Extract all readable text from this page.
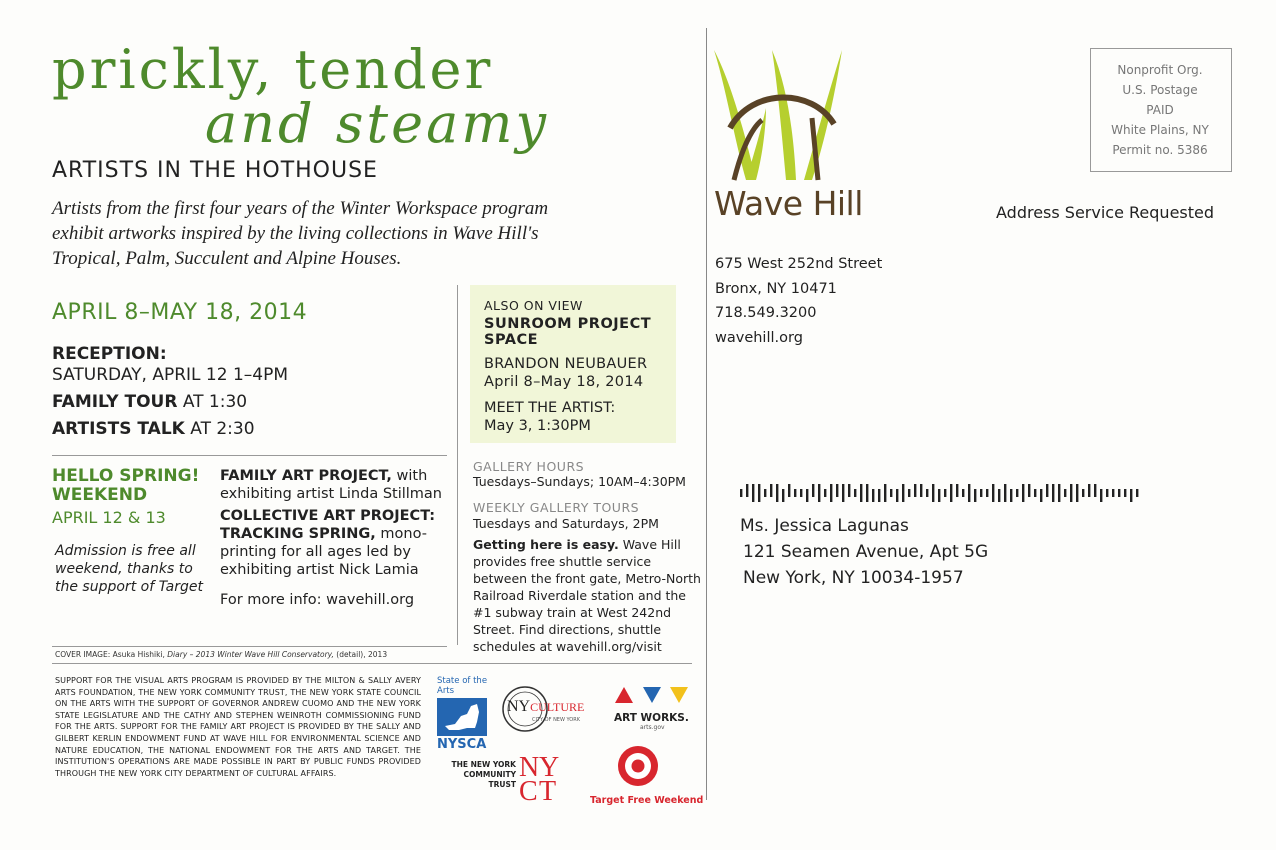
prickly, tender
and steamy
ARTISTS IN THE HOTHOUSE
Artists from the first four years of the Winter Workspace program exhibit artworks inspired by the living collections in Wave Hill's Tropical, Palm, Succulent and Alpine Houses.
APRIL 8–MAY 18, 2014
RECEPTION:
SATURDAY, APRIL 12 1–4PM
FAMILY TOUR AT 1:30
ARTISTS TALK AT 2:30
HELLO SPRING!
WEEKEND
APRIL 12 & 13
Admission is free all weekend, thanks to the support of Target
FAMILY ART PROJECT, with exhibiting artist Linda Stillman
COLLECTIVE ART PROJECT: TRACKING SPRING, mono-printing for all ages led by exhibiting artist Nick Lamia
For more info: wavehill.org
ALSO ON VIEW
SUNROOM PROJECT SPACE
BRANDON NEUBAUER
April 8–May 18, 2014
MEET THE ARTIST:
May 3, 1:30PM
GALLERY HOURS
Tuesdays–Sundays; 10AM–4:30PM
WEEKLY GALLERY TOURS
Tuesdays and Saturdays, 2PM
Getting here is easy. Wave Hill provides free shuttle service between the front gate, Metro-North Railroad Riverdale station and the #1 subway train at West 242nd Street. Find directions, shuttle schedules at wavehill.org/visit
COVER IMAGE: Asuka Hishiki, Diary – 2013 Winter Wave Hill Conservatory, (detail), 2013
SUPPORT FOR THE VISUAL ARTS PROGRAM IS PROVIDED BY THE MILTON & SALLY AVERY ARTS FOUNDATION, THE NEW YORK COMMUNITY TRUST, THE NEW YORK STATE COUNCIL ON THE ARTS WITH THE SUPPORT OF GOVERNOR ANDREW CUOMO AND THE NEW YORK STATE LEGISLATURE AND THE CATHY AND STEPHEN WEINROTH COMMISSIONING FUND FOR THE ARTS. SUPPORT FOR THE FAMILY ART PROJECT IS PROVIDED BY THE SALLY AND GILBERT KERLIN ENDOWMENT FUND AT WAVE HILL FOR ENVIRONMENTAL SCIENCE AND NATURE EDUCATION, THE NATIONAL ENDOWMENT FOR THE ARTS AND TARGET. THE INSTITUTION'S OPERATIONS ARE MADE POSSIBLE IN PART BY PUBLIC FUNDS PROVIDED THROUGH THE NEW YORK CITY DEPARTMENT OF CULTURAL AFFAIRS.
State of the Arts
NYSCA
NYCULTURE
CITY OF NEW YORK	ART WORKS.
arts.gov
THE NEW YORK
COMMUNITY TRUST
N Y
C T	Target Free Weekend
Wave Hill
675 West 252nd Street
Bronx, NY 10471
718.549.3200
wavehill.org
Nonprofit Org.
U.S. Postage
PAID
White Plains, NY
Permit no. 5386
Address Service Requested
Ms. Jessica Lagunas
121 Seamen Avenue, Apt 5G
New York, NY 10034-1957
